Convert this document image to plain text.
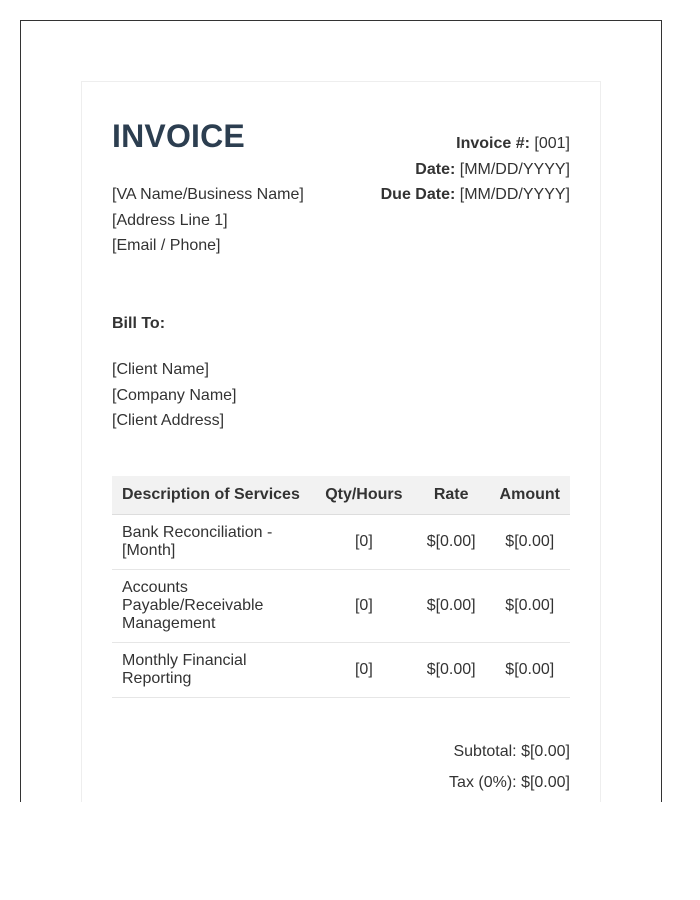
INVOICE
[VA Name/Business Name]
[Address Line 1]
[Email / Phone]
Invoice #: [001]
Date: [MM/DD/YYYY]
Due Date: [MM/DD/YYYY]
Bill To:
[Client Name]
[Company Name]
[Client Address]
Description of Services	Qty/Hours	Rate	Amount
Bank Reconciliation - [Month]	[0]	$[0.00]	$[0.00]
Accounts Payable/Receivable Management	[0]	$[0.00]	$[0.00]
Monthly Financial Reporting	[0]	$[0.00]	$[0.00]
Subtotal: $[0.00]
Tax (0%): $[0.00]
